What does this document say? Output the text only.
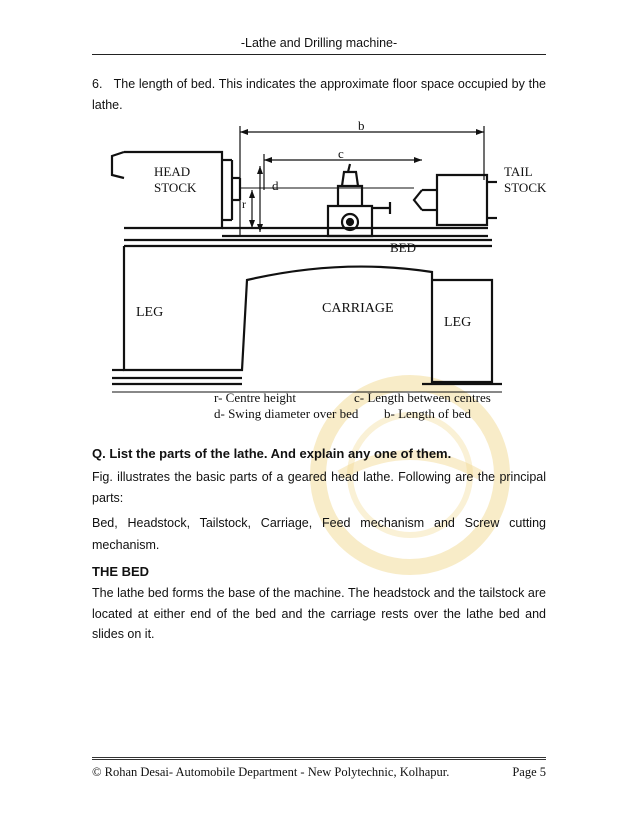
-Lathe and Drilling machine-
6.   The length of bed. This indicates the approximate floor space occupied by the lathe.
HEAD
STOCK
TAIL
STOCK
BED
CARRIAGE
LEG
LEG
b
c
d
r
r- Centre height	c- Length between centres
d- Swing diameter over bed b- Length of bed
Q. List the parts of the lathe. And explain any one of them.
Fig. illustrates the basic parts of a geared head lathe. Following are the principal parts:
Bed, Headstock, Tailstock, Carriage, Feed mechanism and Screw cutting
mechanism.
THE BED
The lathe bed forms the base of the machine. The headstock and the tailstock are located at either end of the bed and the carriage rests over the lathe bed and slides on it.
© Rohan Desai- Automobile Department - New Polytechnic, Kolhapur.	Page 5
